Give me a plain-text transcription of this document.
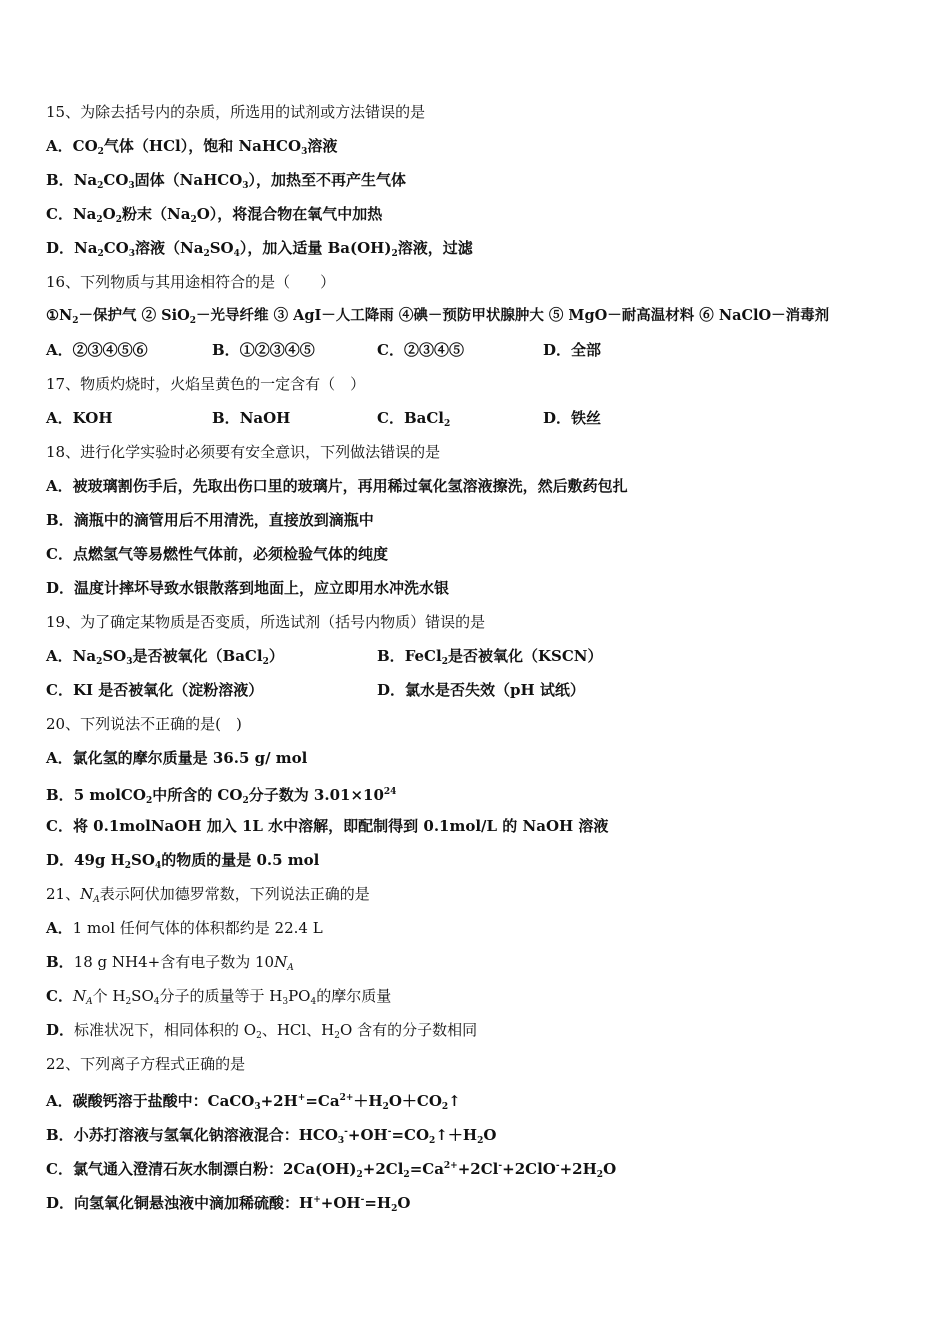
15、为除去括号内的杂质，所选用的试剂或方法错误的是
A．$CO_2$气体（HCl），饱和 NaHCO$_3$溶液
B．$Na_2CO_3$固体（NaHCO$_3$），加热至不再产生气体
C．$Na_2O_2$粉末$(Na_2O)$，将混合物在氧气中加热
D．$Na_2CO_3$溶液$(Na_2SO_4)$，加入适量 $Ba(OH)_2$溶液，过滤
16、下列物质与其用途相符合的是（　　）
$①N_2-$保护气 ② SiO$_2$－光导纤维 ③ AgI－人工降雨 ④碘－预防甲状腺肿大 ⑤ MgO－耐高温材料 ⑥ NaClO－消毒剂
A．②③④⑤⑥	B．①②③④⑤	C．②③④⑤	D．全部
17、物质灼烧时，火焰呈黄色的一定含有（　）
A．KOH	B．NaOH	C．BaCl$_2$	D．铁丝
18、进行化学实验时必须要有安全意识，下列做法错误的是
A．被玻璃割伤手后，先取出伤口里的玻璃片，再用稀过氧化氢溶液擦洗，然后敷药包扎
B．滴瓶中的滴管用后不用清洗，直接放到滴瓶中
C．点燃氢气等易燃性气体前，必须检验气体的纯度
D．温度计摔坏导致水银散落到地面上，应立即用水冲洗水银
19、为了确定某物质是否变质，所选试剂（括号内物质）错误的是
A．$Na_2SO_3$是否被氧化（BaCl$_2$）	B．FeCl$_2$是否被氧化（KSCN）
C．KI 是否被氧化（淀粉溶液）	D．氯水是否失效（pH 试纸）
20、下列说法不正确的是(　)
A．氯化氢的摩尔质量是 36.5 g/ mol
B．5 molCO$_2$中所含的 $CO_2$分子数为 $3.01\times 10^{24}$
C．将 0.1molNaOH 加入 1L 水中溶解，即配制得到 0.1mol/L 的 NaOH 溶液
D．49g $H_2SO_4$的物质的量是 0.5 mol
21、$N_A$表示阿伏加德罗常数，下列说法正确的是
A．1 mol 任何气体的体积都约是 22.4 L
B．18 g NH4+含有电子数为 $10N_A$
C．$N_A$个 $H_2SO_4$分子的质量等于 $H_3PO_4$的摩尔质量
D．标准状况下，相同体积的 $O_2$、HCl、$H_2O$ 含有的分子数相同
22、下列离子方程式正确的是
A．碳酸钙溶于盐酸中：$CaCO_3+2H^+=Ca^{2+}+H_2O+CO_2↑$
B．小苏打溶液与氢氧化钠溶液混合：$HCO_3^-+OH^-=CO_2↑+H_2O$
C．氯气通入澄清石灰水制漂白粉：$2Ca(OH)_2+2Cl_2=Ca^{2+}+2Cl^-+2ClO^-+2H_2O$
D．向氢氧化铜悬浊液中滴加稀硫酸：$H^++OH^-=H_2O$
